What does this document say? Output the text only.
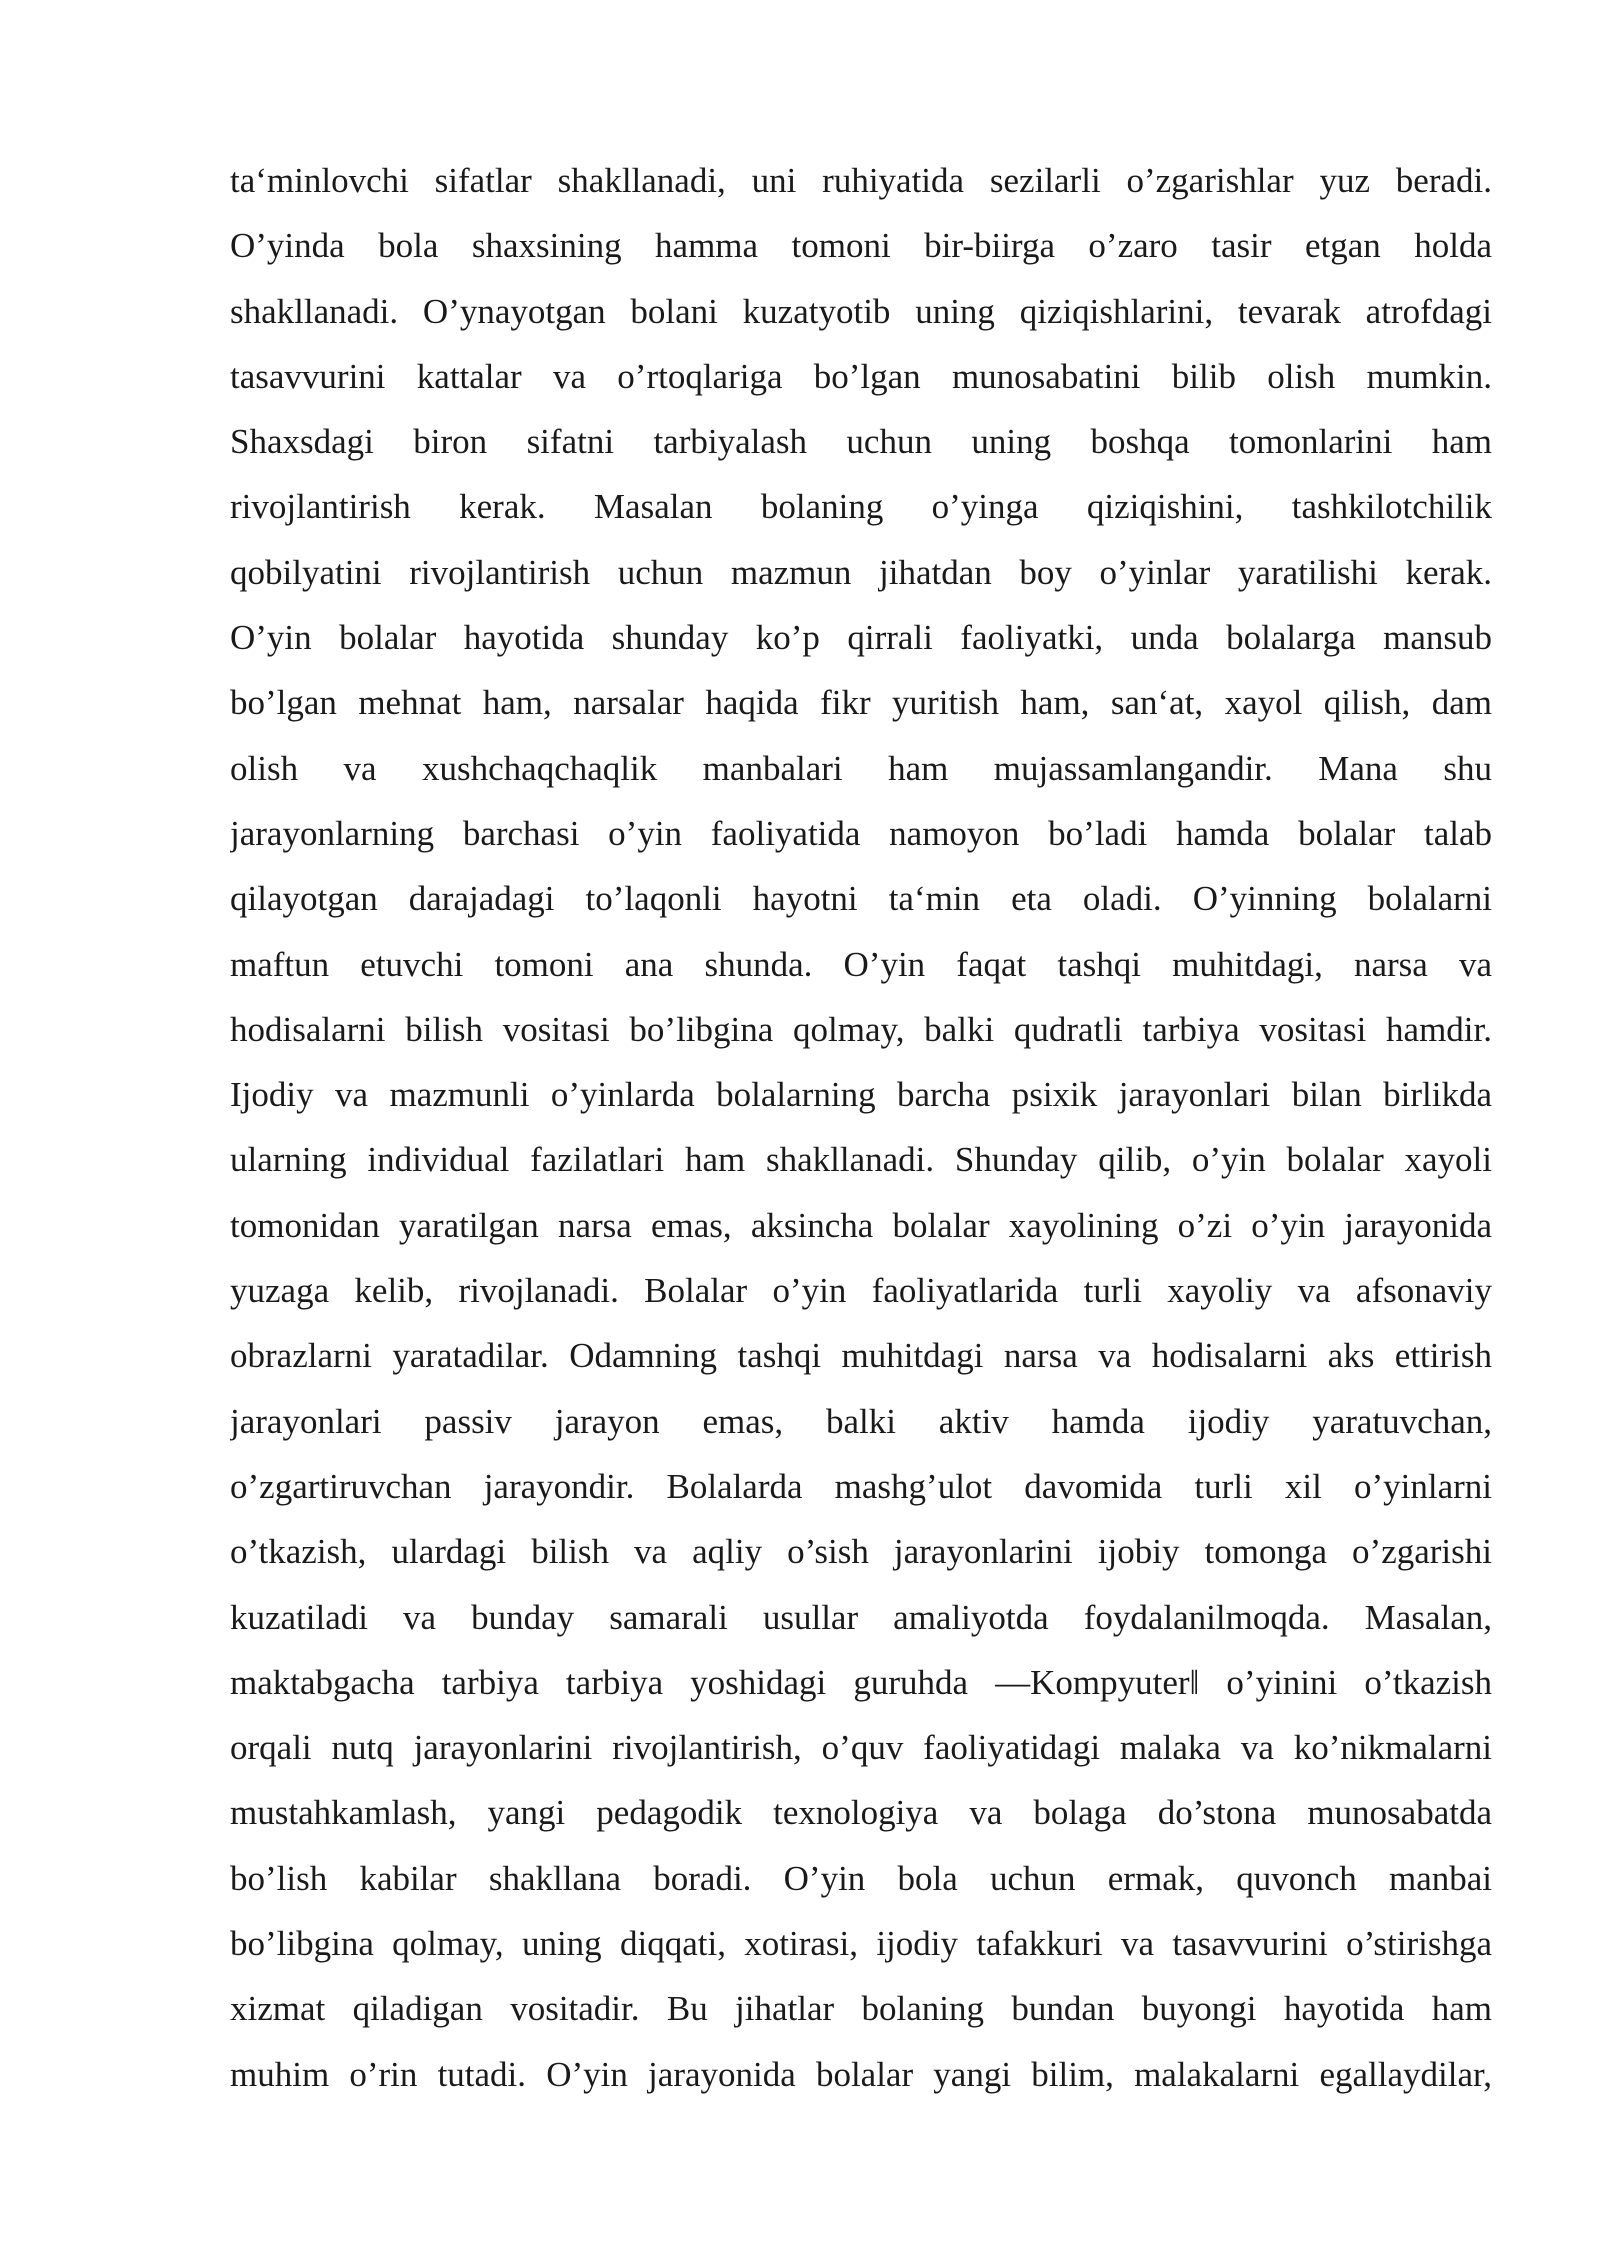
ta‘minlovchi sifatlar shakllanadi, uni ruhiyatida sezilarli o’zgarishlar yuz beradi.
O’yinda bola shaxsining hamma tomoni bir-biirga o’zaro tasir etgan holda
shakllanadi. O’ynayotgan bolani kuzatyotib uning qiziqishlarini, tevarak atrofdagi
tasavvurini kattalar va o’rtoqlariga bo’lgan munosabatini bilib olish mumkin.
Shaxsdagi biron sifatni tarbiyalash uchun uning boshqa tomonlarini ham
rivojlantirish kerak. Masalan bolaning o’yinga qiziqishini, tashkilotchilik
qobilyatini rivojlantirish uchun mazmun jihatdan boy o’yinlar yaratilishi kerak.
O’yin bolalar hayotida shunday ko’p qirrali faoliyatki, unda bolalarga mansub
bo’lgan mehnat ham, narsalar haqida fikr yuritish ham, san‘at, xayol qilish, dam
olish va xushchaqchaqlik manbalari ham mujassamlangandir. Mana shu
jarayonlarning barchasi o’yin faoliyatida namoyon bo’ladi hamda bolalar talab
qilayotgan darajadagi to’laqonli hayotni ta‘min eta oladi. O’yinning bolalarni
maftun etuvchi tomoni ana shunda. O’yin faqat tashqi muhitdagi, narsa va
hodisalarni bilish vositasi bo’libgina qolmay, balki qudratli tarbiya vositasi hamdir.
Ijodiy va mazmunli o’yinlarda bolalarning barcha psixik jarayonlari bilan birlikda
ularning individual fazilatlari ham shakllanadi. Shunday qilib, o’yin bolalar xayoli
tomonidan yaratilgan narsa emas, aksincha bolalar xayolining o’zi o’yin jarayonida
yuzaga kelib, rivojlanadi. Bolalar o’yin faoliyatlarida turli xayoliy va afsonaviy
obrazlarni yaratadilar. Odamning tashqi muhitdagi narsa va hodisalarni aks ettirish
jarayonlari passiv jarayon emas, balki aktiv hamda ijodiy yaratuvchan,
o’zgartiruvchan jarayondir. Bolalarda mashg’ulot davomida turli xil o’yinlarni
o’tkazish, ulardagi bilish va aqliy o’sish jarayonlarini ijobiy tomonga o’zgarishi
kuzatiladi va bunday samarali usullar amaliyotda foydalanilmoqda. Masalan,
maktabgacha tarbiya tarbiya yoshidagi guruhda ―Kompyuter‖ o’yinini o’tkazish
orqali nutq jarayonlarini rivojlantirish, o’quv faoliyatidagi malaka va ko’nikmalarni
mustahkamlash, yangi pedagodik texnologiya va bolaga do’stona munosabatda
bo’lish kabilar shakllana boradi. O’yin bola uchun ermak, quvonch manbai
bo’libgina qolmay, uning diqqati, xotirasi, ijodiy tafakkuri va tasavvurini o’stirishga
xizmat qiladigan vositadir. Bu jihatlar bolaning bundan buyongi hayotida ham
muhim o’rin tutadi. O’yin jarayonida bolalar yangi bilim, malakalarni egallaydilar,
